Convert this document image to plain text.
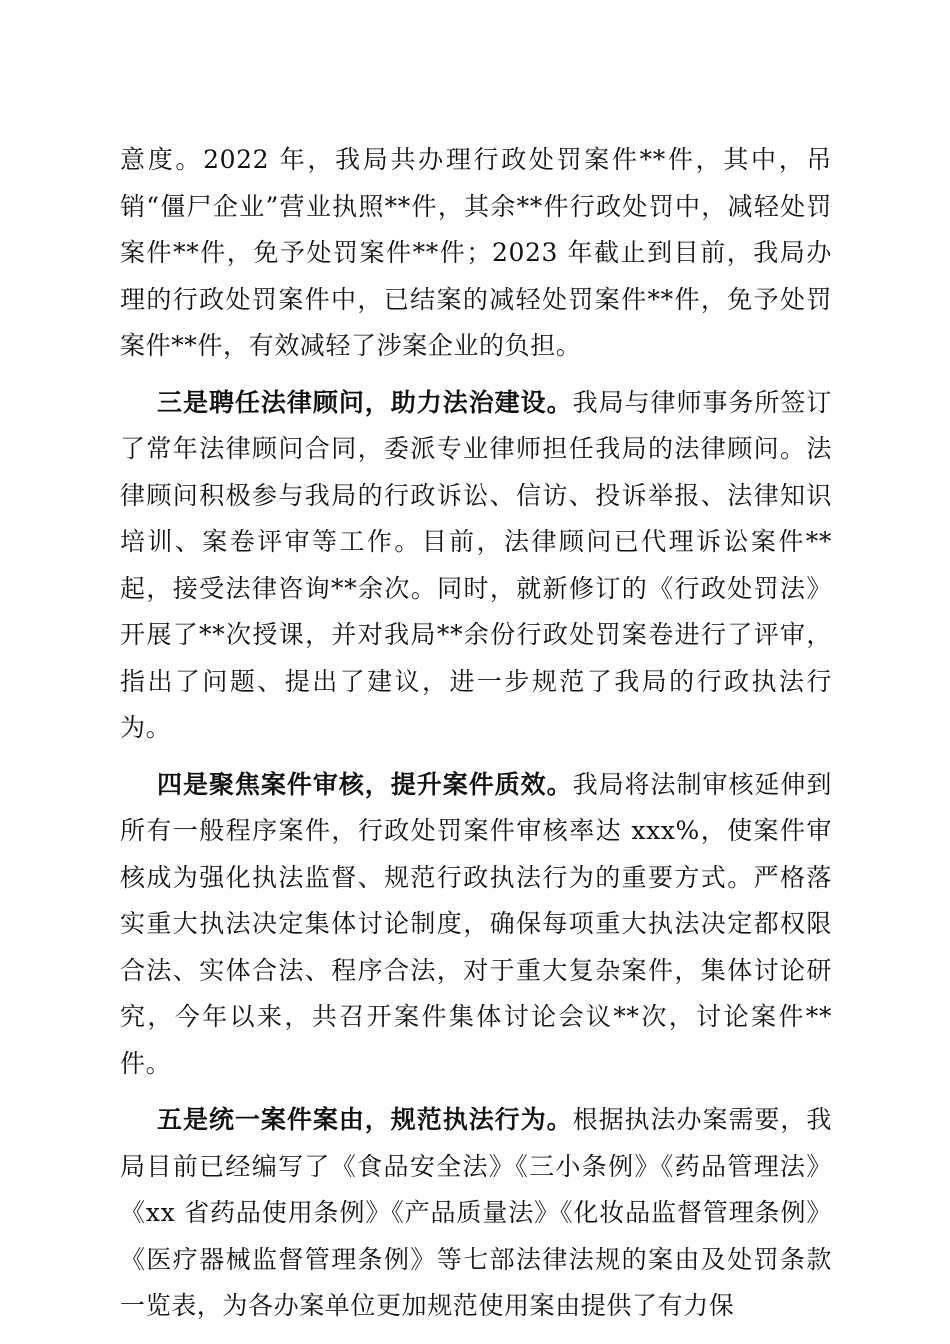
意度。2022 年，我局共办理行政处罚案件**件，其中，吊销“僵尸企业”营业执照**件，其余**件行政处罚中，减轻处罚案件**件，免予处罚案件**件；2023 年截止到目前，我局办理的行政处罚案件中，已结案的减轻处罚案件**件，免予处罚案件**件，有效减轻了涉案企业的负担。

三是聘任法律顾问，助力法治建设。我局与律师事务所签订了常年法律顾问合同，委派专业律师担任我局的法律顾问。法律顾问积极参与我局的行政诉讼、信访、投诉举报、法律知识培训、案卷评审等工作。目前，法律顾问已代理诉讼案件**起，接受法律咨询**余次。同时，就新修订的《行政处罚法》开展了**次授课，并对我局**余份行政处罚案卷进行了评审，指出了问题、提出了建议，进一步规范了我局的行政执法行为。

四是聚焦案件审核，提升案件质效。我局将法制审核延伸到所有一般程序案件，行政处罚案件审核率达 xxx%，使案件审核成为强化执法监督、规范行政执法行为的重要方式。严格落实重大执法决定集体讨论制度，确保每项重大执法决定都权限合法、实体合法、程序合法，对于重大复杂案件，集体讨论研究，今年以来，共召开案件集体讨论会议**次，讨论案件**件。

五是统一案件案由，规范执法行为。根据执法办案需要，我局目前已经编写了《食品安全法》《三小条例》《药品管理法》《xx 省药品使用条例》《产品质量法》《化妆品监督管理条例》《医疗器械监督管理条例》等七部法律法规的案由及处罚条款一览表，为各办案单位更加规范使用案由提供了有力保
